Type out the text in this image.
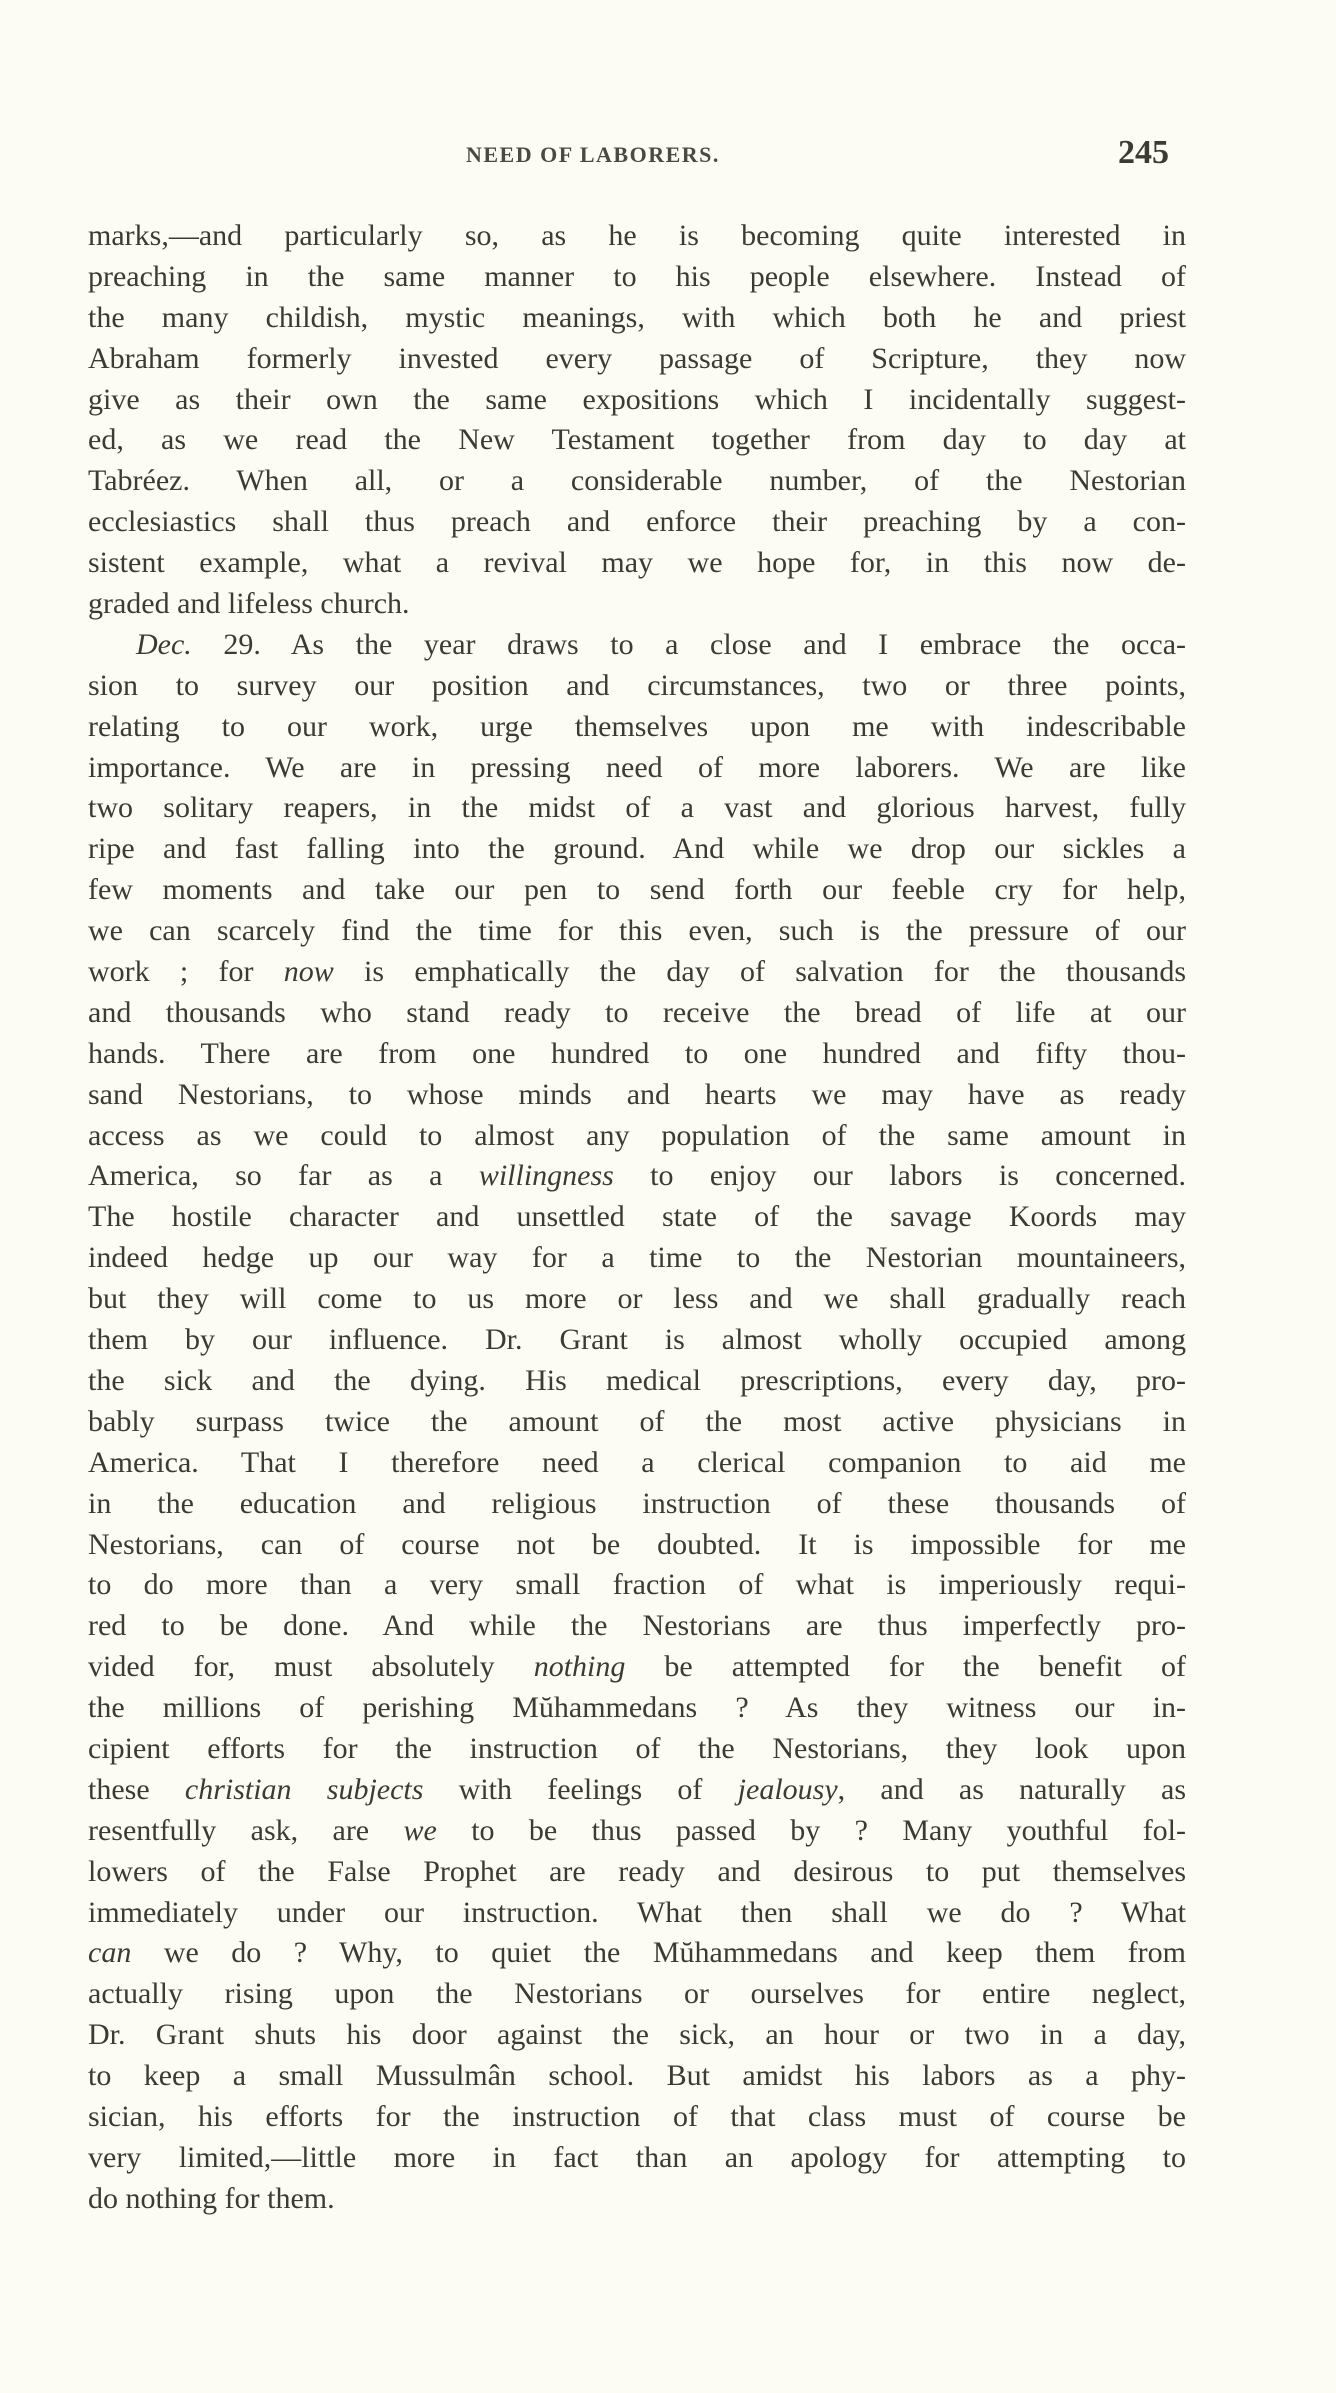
NEED OF LABORERS.	245
marks,—and particularly so, as he is becoming quite interested in
preaching in the same manner to his people elsewhere. Instead of
the many childish, mystic meanings, with which both he and priest
Abraham formerly invested every passage of Scripture, they now
give as their own the same expositions which I incidentally suggest-
ed, as we read the New Testament together from day to day at
Tabréez. When all, or a considerable number, of the Nestorian
ecclesiastics shall thus preach and enforce their preaching by a con-
sistent example, what a revival may we hope for, in this now de-
graded and lifeless church.
Dec. 29. As the year draws to a close and I embrace the occa-
sion to survey our position and circumstances, two or three points,
relating to our work, urge themselves upon me with indescribable
importance. We are in pressing need of more laborers. We are like
two solitary reapers, in the midst of a vast and glorious harvest, fully
ripe and fast falling into the ground. And while we drop our sickles a
few moments and take our pen to send forth our feeble cry for help,
we can scarcely find the time for this even, such is the pressure of our
work ; for now is emphatically the day of salvation for the thousands
and thousands who stand ready to receive the bread of life at our
hands. There are from one hundred to one hundred and fifty thou-
sand Nestorians, to whose minds and hearts we may have as ready
access as we could to almost any population of the same amount in
America, so far as a willingness to enjoy our labors is concerned.
The hostile character and unsettled state of the savage Koords may
indeed hedge up our way for a time to the Nestorian mountaineers,
but they will come to us more or less and we shall gradually reach
them by our influence. Dr. Grant is almost wholly occupied among
the sick and the dying. His medical prescriptions, every day, pro-
bably surpass twice the amount of the most active physicians in
America. That I therefore need a clerical companion to aid me
in the education and religious instruction of these thousands of
Nestorians, can of course not be doubted. It is impossible for me
to do more than a very small fraction of what is imperiously requi-
red to be done. And while the Nestorians are thus imperfectly pro-
vided for, must absolutely nothing be attempted for the benefit of
the millions of perishing Mŭhammedans ? As they witness our in-
cipient efforts for the instruction of the Nestorians, they look upon
these christian subjects with feelings of jealousy, and as naturally as
resentfully ask, are we to be thus passed by ? Many youthful fol-
lowers of the False Prophet are ready and desirous to put themselves
immediately under our instruction. What then shall we do ? What
can we do ? Why, to quiet the Mŭhammedans and keep them from
actually rising upon the Nestorians or ourselves for entire neglect,
Dr. Grant shuts his door against the sick, an hour or two in a day,
to keep a small Mussulmân school. But amidst his labors as a phy-
sician, his efforts for the instruction of that class must of course be
very limited,—little more in fact than an apology for attempting to
do nothing for them.
